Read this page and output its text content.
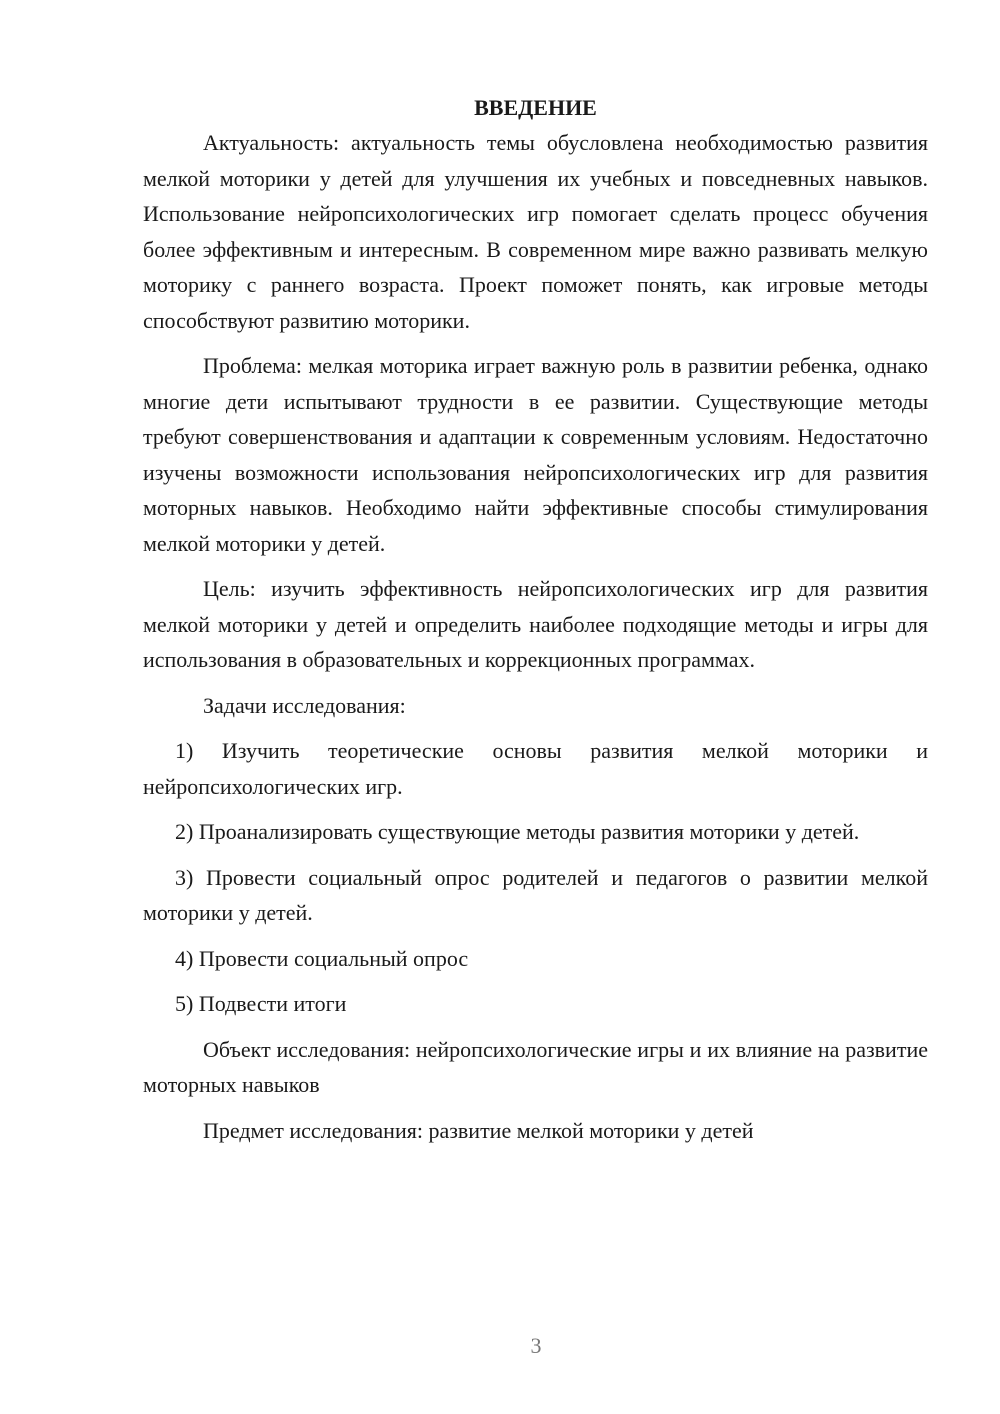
ВВЕДЕНИЕ

Актуальность: актуальность темы обусловлена необходимостью развития мелкой моторики у детей для улучшения их учебных и повседневных навыков. Использование нейропсихологических игр помогает сделать процесс обучения более эффективным и интересным. В современном мире важно развивать мелкую моторику с раннего возраста. Проект поможет понять, как игровые методы способствуют развитию моторики.

Проблема: мелкая моторика играет важную роль в развитии ребенка, однако многие дети испытывают трудности в ее развитии. Существующие методы требуют совершенствования и адаптации к современным условиям. Недостаточно изучены возможности использования нейропсихологических игр для развития моторных навыков. Необходимо найти эффективные способы стимулирования мелкой моторики у детей.

Цель: изучить эффективность нейропсихологических игр для развития мелкой моторики у детей и определить наиболее подходящие методы и игры для использования в образовательных и коррекционных программах.

Задачи исследования:

1) Изучить теоретические основы развития мелкой моторики и нейропсихологических игр.

2) Проанализировать существующие методы развития моторики у детей.

3) Провести социальный опрос родителей и педагогов о развитии мелкой моторики у детей.

4) Провести социальный опрос

5) Подвести итоги

Объект исследования: нейропсихологические игры и их влияние на развитие моторных навыков

Предмет исследования: развитие мелкой моторики у детей

3
